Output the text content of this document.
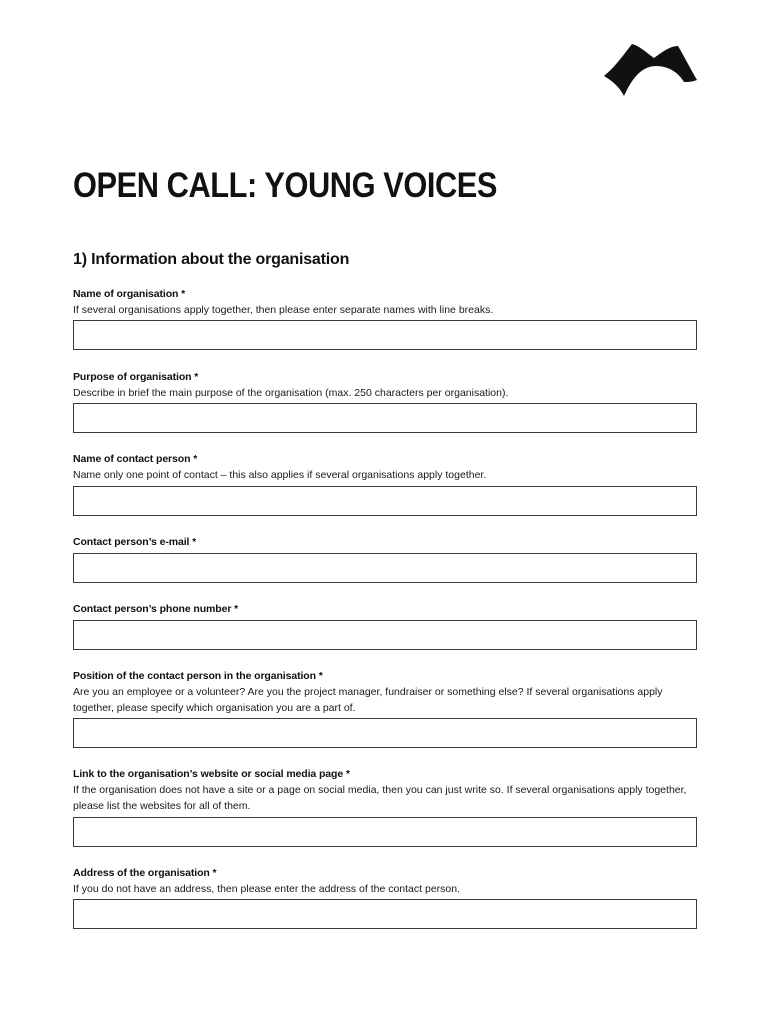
OPEN CALL: YOUNG VOICES
1) Information about the organisation
Name of organisation *
If several organisations apply together, then please enter separate names with line breaks.
Purpose of organisation *
Describe in brief the main purpose of the organisation (max. 250 characters per organisation).
Name of contact person *
Name only one point of contact – this also applies if several organisations apply together.
Contact person’s e-mail *
Contact person’s phone number *
Position of the contact person in the organisation *
Are you an employee or a volunteer? Are you the project manager, fundraiser or something else? If several organisations apply together, please specify which organisation you are a part of.
Link to the organisation’s website or social media page *
If the organisation does not have a site or a page on social media, then you can just write so. If several organisations apply together, please list the websites for all of them.
Address of the organisation *
If you do not have an address, then please enter the address of the contact person.
